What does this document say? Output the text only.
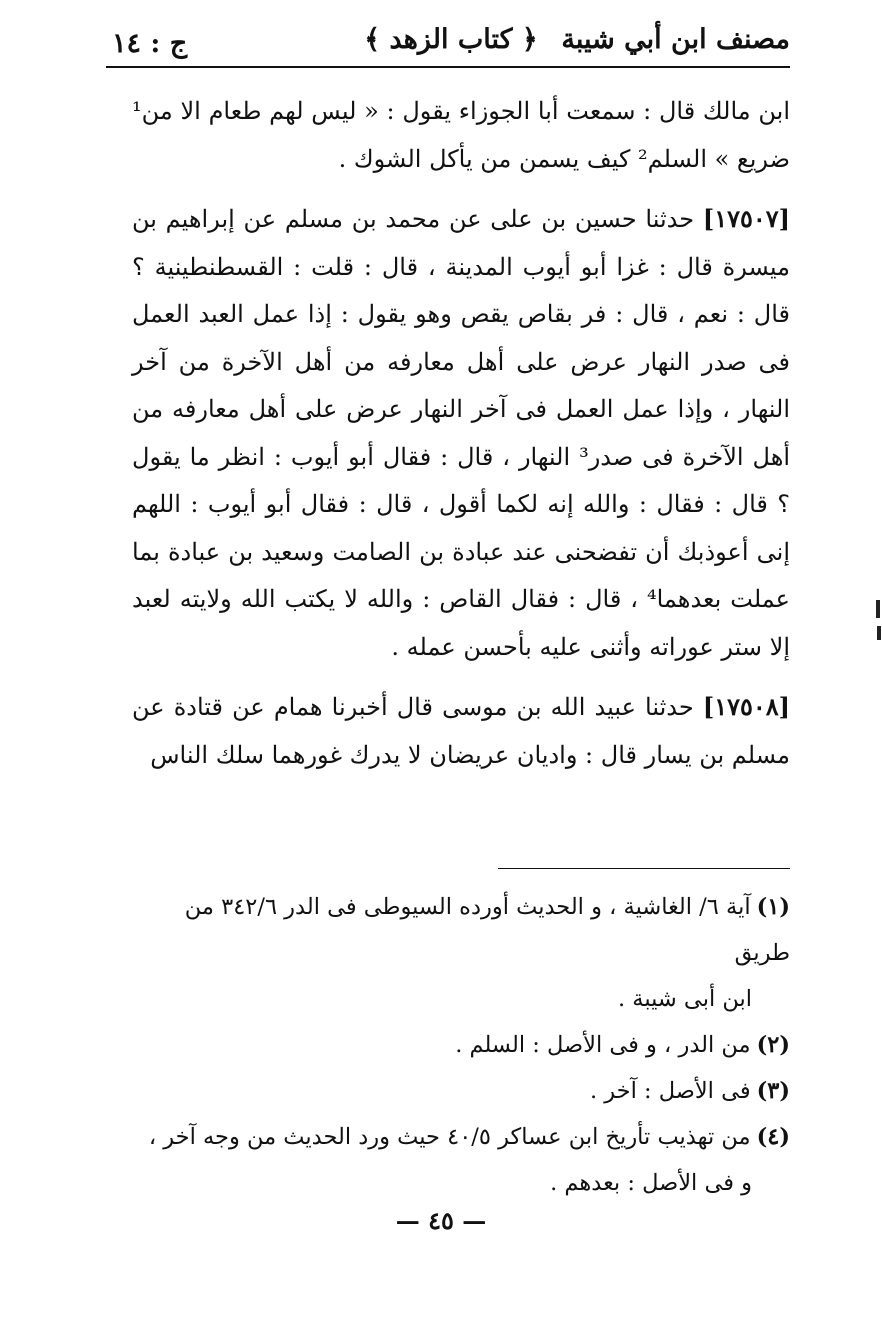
مصنف ابن أبي شيبة
﴿ كتاب الزهد ﴾
ج : ١٤

ابن مالك قال : سمعت أبا الجوزاء يقول : « ليس لهم طعام الا من¹ ضريع » السلم² كيف يسمن من يأكل الشوك .

[١٧٥٠٧] حدثنا حسين بن على عن محمد بن مسلم عن إبراهيم بن ميسرة قال : غزا أبو أيوب المدينة ، قال : قلت : القسطنطينية ؟ قال : نعم ، قال : فر بقاص يقص وهو يقول : إذا عمل العبد العمل فى صدر النهار عرض على أهل معارفه من أهل الآخرة من آخر النهار ، وإذا عمل العمل فى آخر النهار عرض على أهل معارفه من أهل الآخرة فى صدر³ النهار ، قال : فقال أبو أيوب : انظر ما يقول ؟ قال : فقال : والله إنه لكما أقول ، قال : فقال أبو أيوب : اللهم إنى أعوذبك أن تفضحنى عند عبادة بن الصامت وسعيد بن عبادة بما عملت بعدهما⁴ ، قال : فقال القاص : والله لا يكتب الله ولايته لعبد إلا ستر عوراته وأثنى عليه بأحسن عمله .

[١٧٥٠٨] حدثنا عبيد الله بن موسى قال أخبرنا همام عن قتادة عن مسلم بن يسار قال : واديان عريضان لا يدرك غورهما سلك الناس

(١)آية ٦/ الغاشية ، و الحديث أورده السيوطى فى الدر ٣٤٢/٦ من طريق

ابن أبى شيبة .

(٢)من الدر ، و فى الأصل : السلم .

(٣)فى الأصل : آخر .

(٤)من تهذيب تأريخ ابن عساكر ٤٠/٥ حيث ورد الحديث من وجه آخر ،

و فى الأصل : بعدهم .

— ٤٥ —
